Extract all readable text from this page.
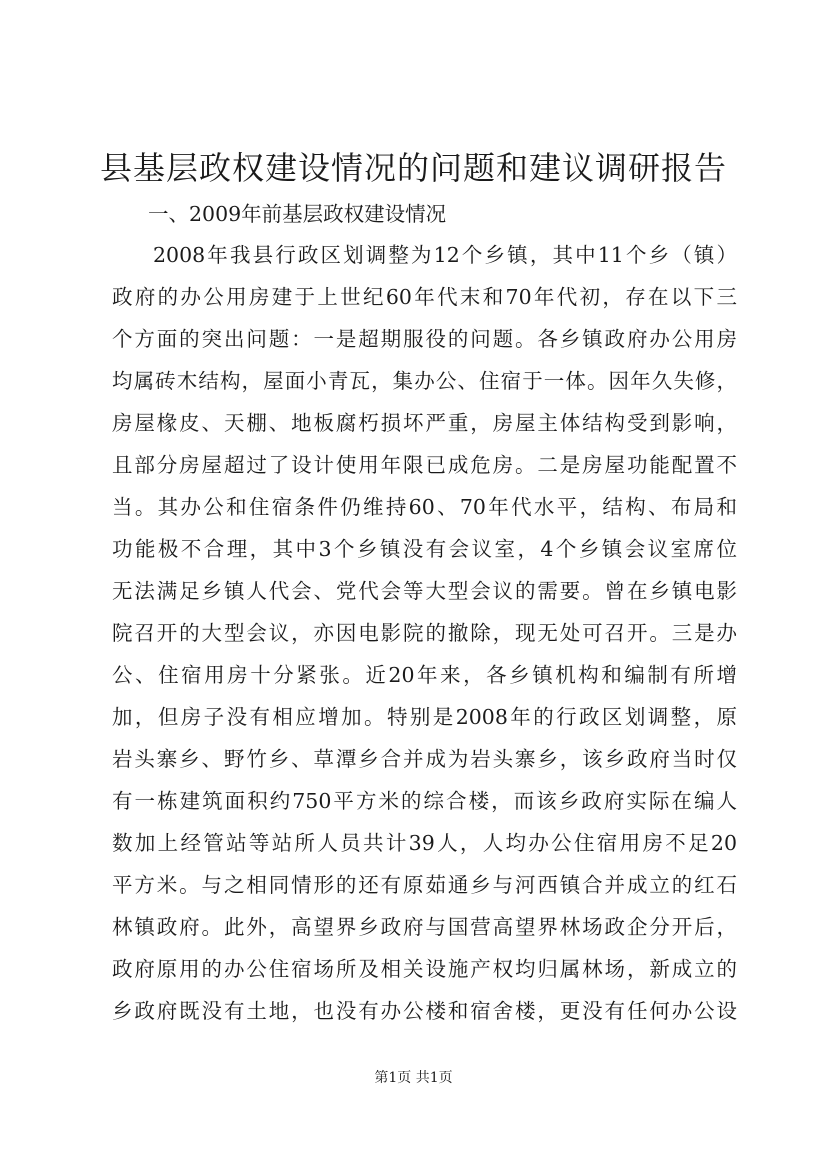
县基层政权建设情况的问题和建议调研报告
一、2009年前基层政权建设情况
2008年我县行政区划调整为12个乡镇，其中11个乡（镇）
政府的办公用房建于上世纪60年代末和70年代初，存在以下三
个方面的突出问题：一是超期服役的问题。各乡镇政府办公用房
均属砖木结构，屋面小青瓦，集办公、住宿于一体。因年久失修，
房屋椽皮、天棚、地板腐朽损坏严重，房屋主体结构受到影响，
且部分房屋超过了设计使用年限已成危房。二是房屋功能配置不
当。其办公和住宿条件仍维持60、70年代水平，结构、布局和
功能极不合理，其中3个乡镇没有会议室，4个乡镇会议室席位
无法满足乡镇人代会、党代会等大型会议的需要。曾在乡镇电影
院召开的大型会议，亦因电影院的撤除，现无处可召开。三是办
公、住宿用房十分紧张。近20年来，各乡镇机构和编制有所增
加，但房子没有相应增加。特别是2008年的行政区划调整，原
岩头寨乡、野竹乡、草潭乡合并成为岩头寨乡，该乡政府当时仅
有一栋建筑面积约750平方米的综合楼，而该乡政府实际在编人
数加上经管站等站所人员共计39人，人均办公住宿用房不足20
平方米。与之相同情形的还有原茹通乡与河西镇合并成立的红石
林镇政府。此外，高望界乡政府与国营高望界林场政企分开后，
政府原用的办公住宿场所及相关设施产权均归属林场，新成立的
乡政府既没有土地，也没有办公楼和宿舍楼，更没有任何办公设
第1页 共1页
